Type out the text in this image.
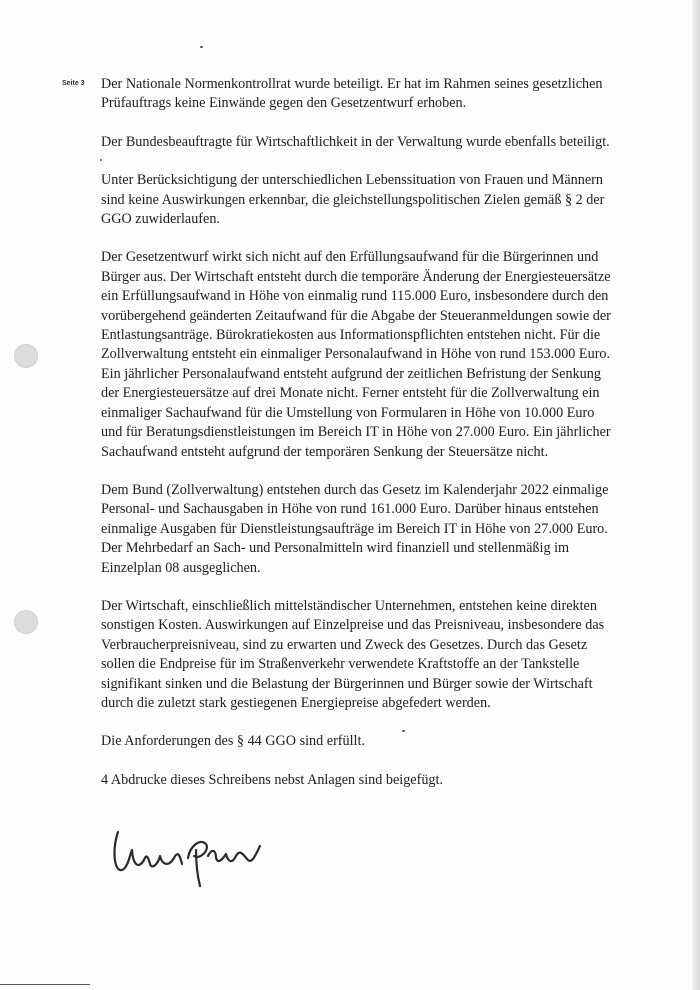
Seite 3 Der Nationale Normenkontrollrat wurde beteiligt. Er hat im Rahmen seines gesetzlichen Prüfauftrags keine Einwände gegen den Gesetzentwurf erhoben.

Der Bundesbeauftragte für Wirtschaftlichkeit in der Verwaltung wurde ebenfalls beteiligt.

Unter Berücksichtigung der unterschiedlichen Lebenssituation von Frauen und Männern sind keine Auswirkungen erkennbar, die gleichstellungspolitischen Zielen gemäß § 2 der GGO zuwiderlaufen.

Der Gesetzentwurf wirkt sich nicht auf den Erfüllungsaufwand für die Bürgerinnen und Bürger aus. Der Wirtschaft entsteht durch die temporäre Änderung der Energiesteuersätze ein Erfüllungsaufwand in Höhe von einmalig rund 115.000 Euro, insbesondere durch den vorübergehend geänderten Zeitaufwand für die Abgabe der Steueranmeldungen sowie der Entlastungsanträge. Bürokratiekosten aus Informationspflichten entstehen nicht. Für die Zollverwaltung entsteht ein einmaliger Personalaufwand in Höhe von rund 153.000 Euro. Ein jährlicher Personalaufwand entsteht aufgrund der zeitlichen Befristung der Senkung der Energiesteuersätze auf drei Monate nicht. Ferner entsteht für die Zollverwaltung ein einmaliger Sachaufwand für die Umstellung von Formularen in Höhe von 10.000 Euro und für Beratungsdienstleistungen im Bereich IT in Höhe von 27.000 Euro. Ein jährlicher Sachaufwand entsteht aufgrund der temporären Senkung der Steuersätze nicht.

Dem Bund (Zollverwaltung) entstehen durch das Gesetz im Kalenderjahr 2022 einmalige Personal- und Sachausgaben in Höhe von rund 161.000 Euro. Darüber hinaus entstehen einmalige Ausgaben für Dienstleistungsaufträge im Bereich IT in Höhe von 27.000 Euro. Der Mehrbedarf an Sach- und Personalmitteln wird finanziell und stellenmäßig im Einzelplan 08 ausgeglichen.

Der Wirtschaft, einschließlich mittelständischer Unternehmen, entstehen keine direkten sonstigen Kosten. Auswirkungen auf Einzelpreise und das Preisniveau, insbesondere das Verbraucherpreisniveau, sind zu erwarten und Zweck des Gesetzes. Durch das Gesetz sollen die Endpreise für im Straßenverkehr verwendete Kraftstoffe an der Tankstelle signifikant sinken und die Belastung der Bürgerinnen und Bürger sowie der Wirtschaft durch die zuletzt stark gestiegenen Energiepreise abgefedert werden.

Die Anforderungen des § 44 GGO sind erfüllt.

4 Abdrucke dieses Schreibens nebst Anlagen sind beigefügt.
